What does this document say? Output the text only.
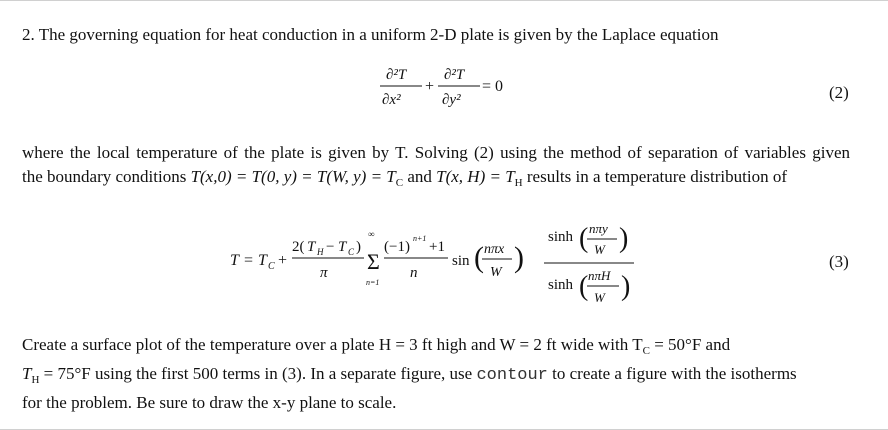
2. The governing equation for heat conduction in a uniform 2-D plate is given by the Laplace equation
∂²T
∂x²
+
∂²T
∂y²
= 0	(2)
where the local temperature of the plate is given by T. Solving (2) using the method of separation of variables given
the boundary conditions T(x,0) = T(0, y) = T(W, $y) = T_C$ and T(x, $H) = T_H$ results in a temperature distribution of
T = T C +
2( T H − T C )
π
∞
Σ
n=1
(−1)
n+1
+1
n
sin ( nπx
W )
sinh ( nπy
W )
sinh ( nπH
W )
(3)
Create a surface plot of the temperature over a plate H = 3 ft high and W = 2 ft wide with $T_C = 50^\circ F$ and
$T_H = 75^\circ F$ using the first 500 terms in (3). In a separate figure, use contour to create a figure with the isotherms
for the problem. Be sure to draw the x-y plane to scale.
